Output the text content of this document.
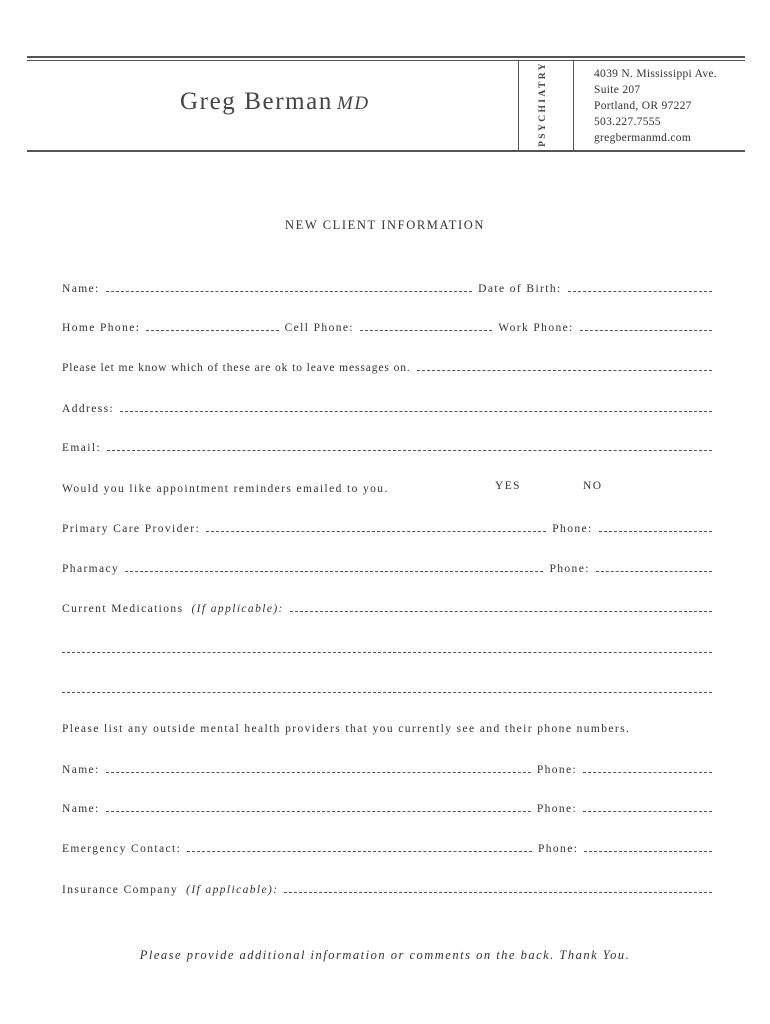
Greg Berman MD	PSYCHIATRY	4039 N. Mississippi Ave.
Suite 207
Portland, OR 97227
503.227.7555
gregbermanmd.com
NEW CLIENT INFORMATION
Name:	Date of Birth:
Home Phone:	Cell Phone:	Work Phone:
Please let me know which of these are ok to leave messages on.
Address:
Email:
Would you like appointment reminders emailed to you.	YES	NO
Primary Care Provider:	Phone:
Pharmacy	Phone:
Current Medications (If applicable):
Please list any outside mental health providers that you currently see and their phone numbers.
Name:	Phone:
Name:	Phone:
Emergency Contact:	Phone:
Insurance Company (If applicable):
Please provide additional information or comments on the back. Thank You.
